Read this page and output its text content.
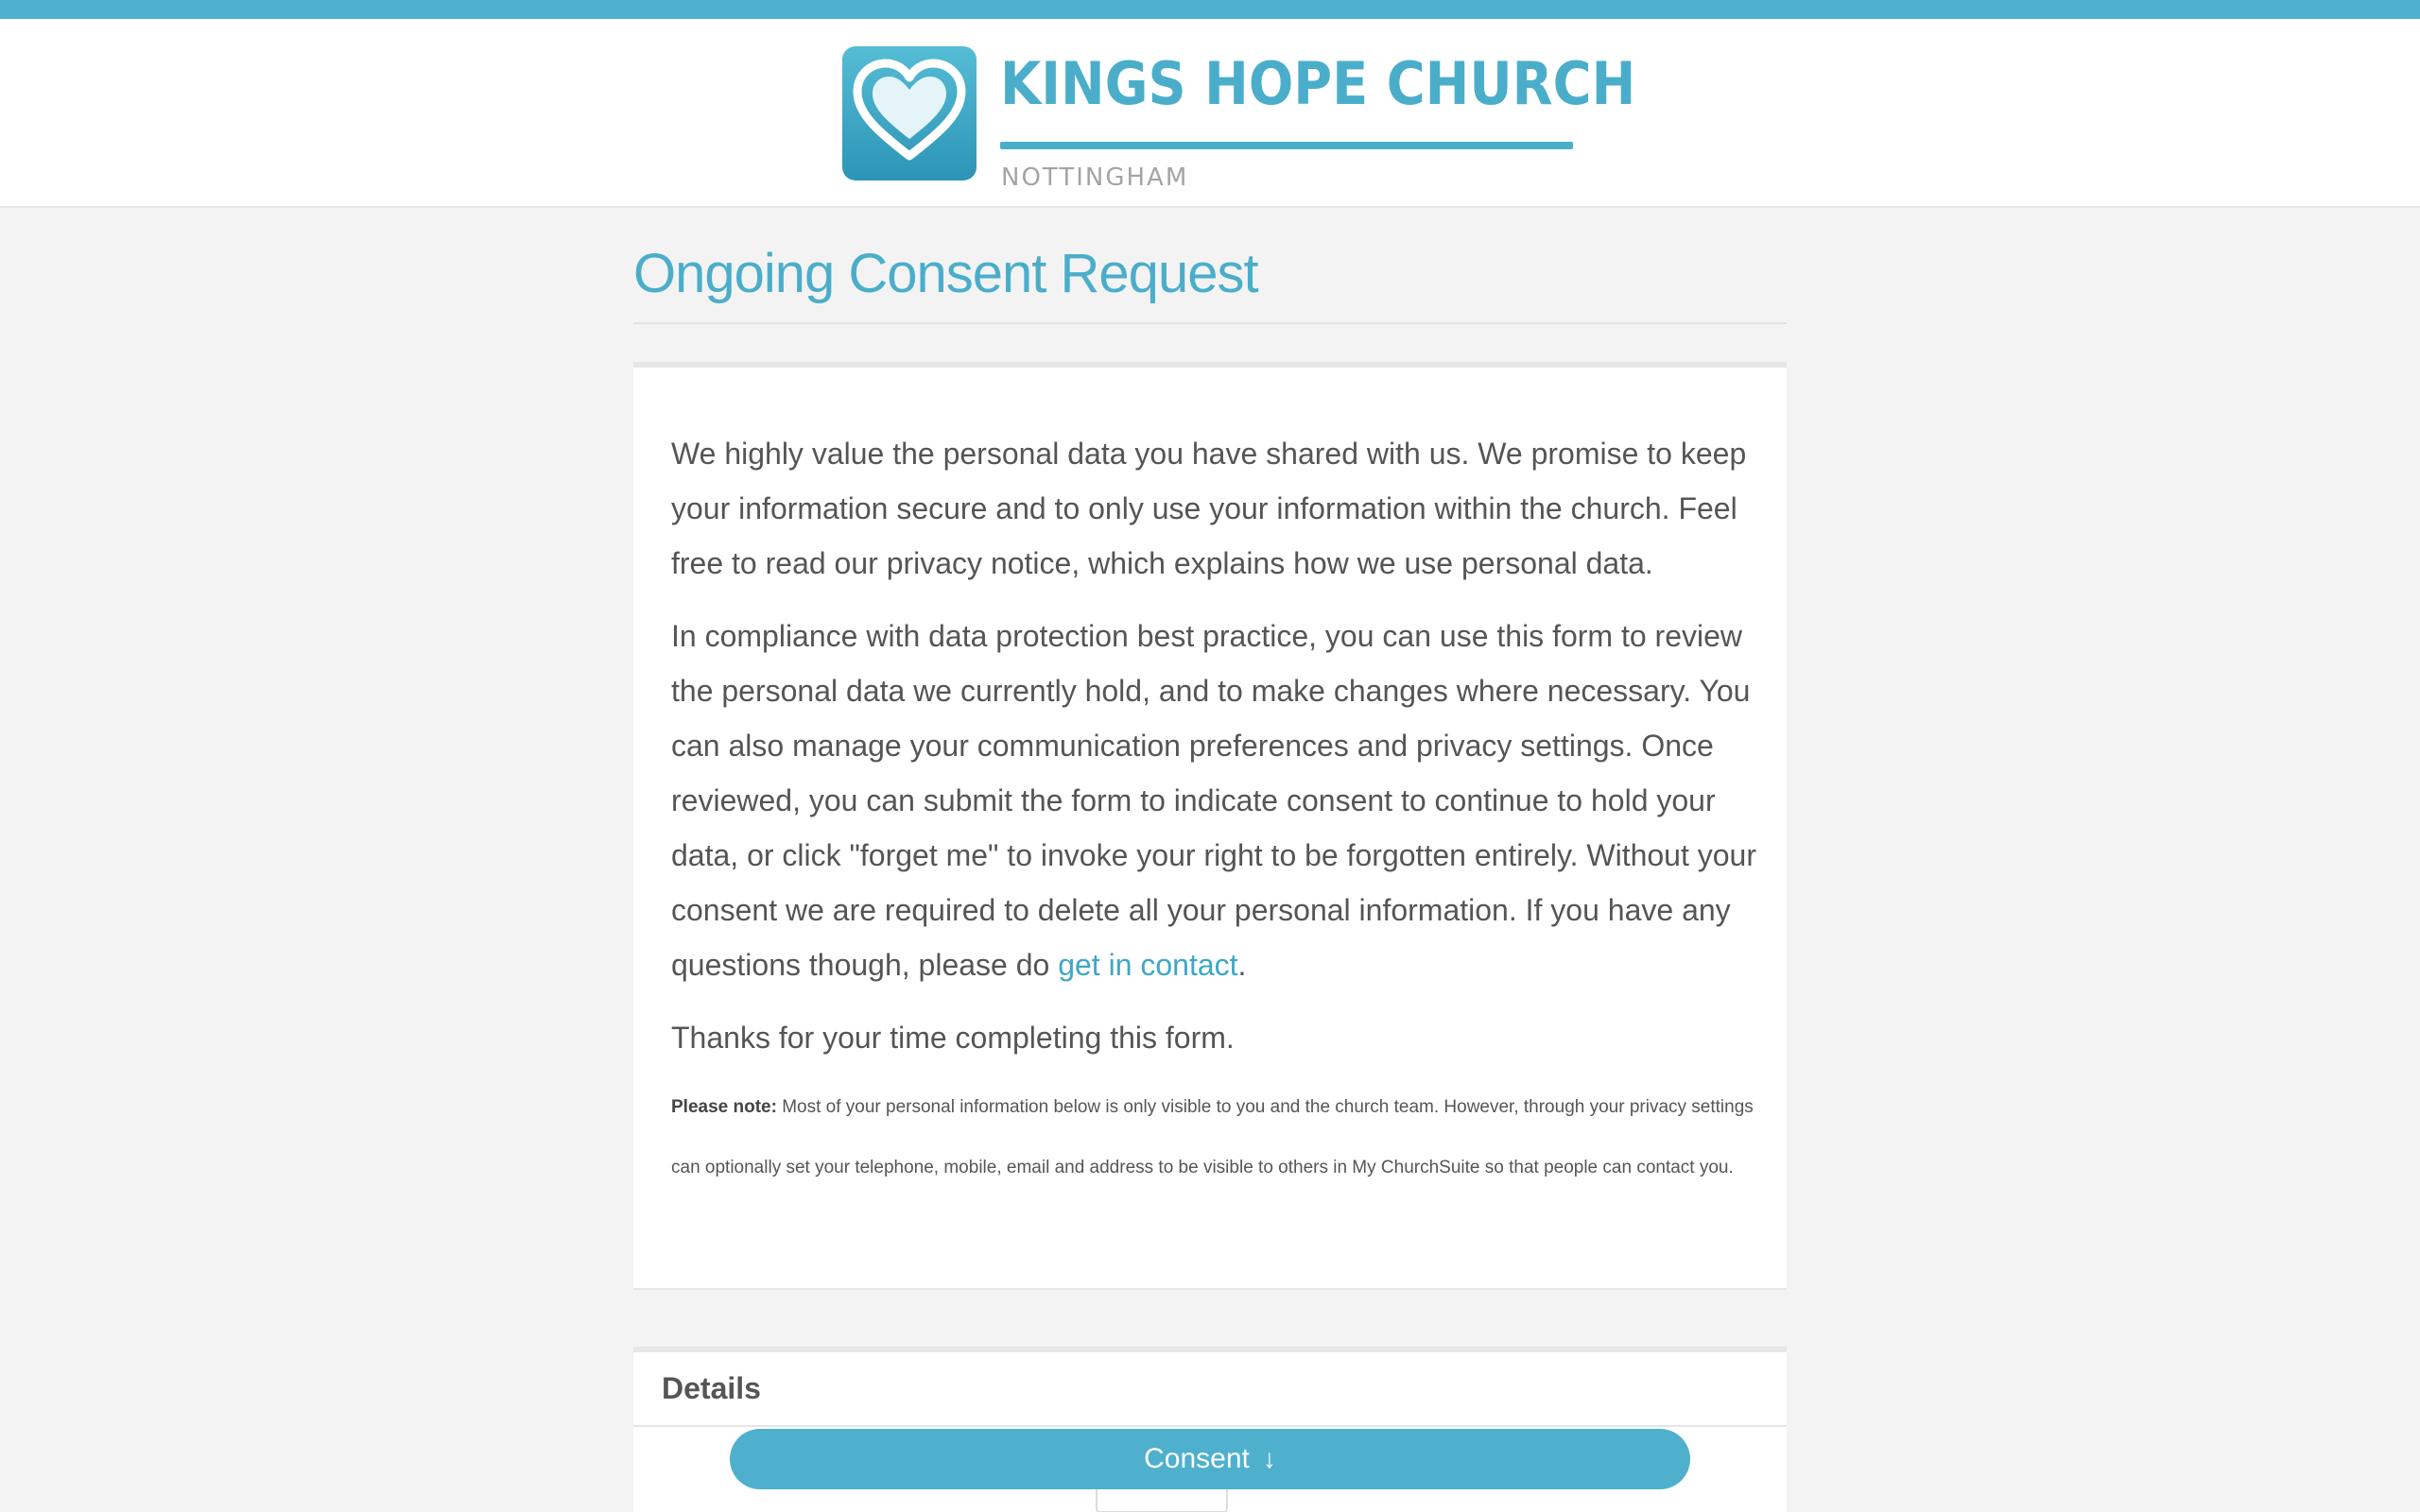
KINGS HOPE CHURCH
NOTTINGHAM
Ongoing Consent Request

We highly value the personal data you have shared with us. We promise to keep your information secure and to only use your information within the church. Feel free to read our privacy notice, which explains how we use personal data.

In compliance with data protection best practice, you can use this form to review the personal data we currently hold, and to make changes where necessary. You can also manage your communication preferences and privacy settings. Once reviewed, you can submit the form to indicate consent to continue to hold your data, or click "forget me" to invoke your right to be forgotten entirely. Without your consent we are required to delete all your personal information. If you have any questions though, please do get in contact.

Thanks for your time completing this form.

Please note: Most of your personal information below is only visible to you and the church team. However, through your privacy settings can optionally set your telephone, mobile, email and address to be visible to others in My ChurchSuite so that people can contact you.

Details
Consent ↓
